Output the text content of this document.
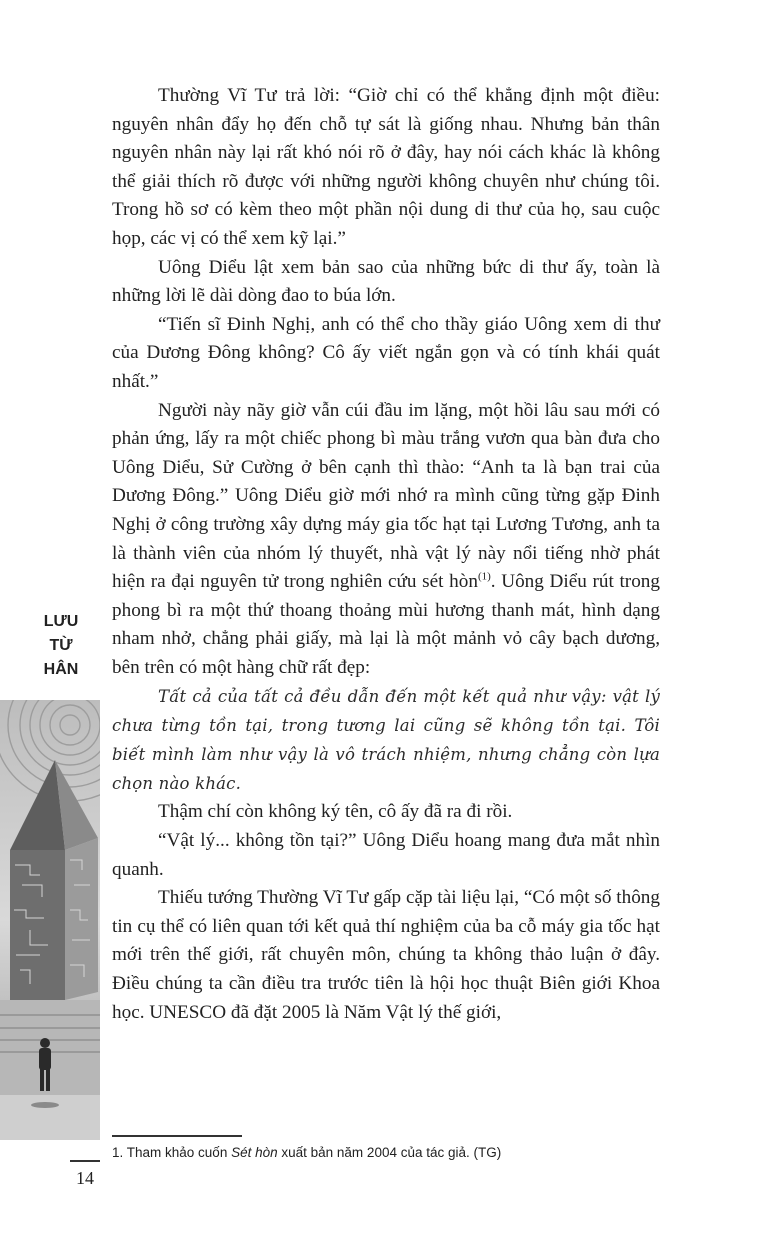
LƯU
TỪ
HÂN

Thường Vĩ Tư trả lời: “Giờ chỉ có thể khẳng định một điều: nguyên nhân đẩy họ đến chỗ tự sát là giống nhau. Nhưng bản thân nguyên nhân này lại rất khó nói rõ ở đây, hay nói cách khác là không thể giải thích rõ được với những người không chuyên như chúng tôi. Trong hồ sơ có kèm theo một phần nội dung di thư của họ, sau cuộc họp, các vị có thể xem kỹ lại.”

Uông Diểu lật xem bản sao của những bức di thư ấy, toàn là những lời lẽ dài dòng đao to búa lớn.

“Tiến sĩ Đinh Nghị, anh có thể cho thầy giáo Uông xem di thư của Dương Đông không? Cô ấy viết ngắn gọn và có tính khái quát nhất.”

Người này nãy giờ vẫn cúi đầu im lặng, một hồi lâu sau mới có phản ứng, lấy ra một chiếc phong bì màu trắng vươn qua bàn đưa cho Uông Diểu, Sử Cường ở bên cạnh thì thào: “Anh ta là bạn trai của Dương Đông.” Uông Diểu giờ mới nhớ ra mình cũng từng gặp Đinh Nghị ở công trường xây dựng máy gia tốc hạt tại Lương Tương, anh ta là thành viên của nhóm lý thuyết, nhà vật lý này nổi tiếng nhờ phát hiện ra đại nguyên tử trong nghiên cứu sét hòn$^{(1)}$. Uông Diểu rút trong phong bì ra một thứ thoang thoảng mùi hương thanh mát, hình dạng nham nhở, chẳng phải giấy, mà lại là một mảnh vỏ cây bạch dương, bên trên có một hàng chữ rất đẹp:

Tất cả của tất cả đều dẫn đến một kết quả như vậy: vật lý chưa từng tồn tại, trong tương lai cũng sẽ không tồn tại. Tôi biết mình làm như vậy là vô trách nhiệm, nhưng chẳng còn lựa chọn nào khác.

Thậm chí còn không ký tên, cô ấy đã ra đi rồi.

“Vật lý... không tồn tại?” Uông Diểu hoang mang đưa mắt nhìn quanh.

Thiếu tướng Thường Vĩ Tư gấp cặp tài liệu lại, “Có một số thông tin cụ thể có liên quan tới kết quả thí nghiệm của ba cỗ máy gia tốc hạt mới trên thế giới, rất chuyên môn, chúng ta không thảo luận ở đây. Điều chúng ta cần điều tra trước tiên là hội học thuật Biên giới Khoa học. UNESCO đã đặt 2005 là Năm Vật lý thế giới,

1. Tham khảo cuốn Sét hòn xuất bản năm 2004 của tác giả. (TG)
14
